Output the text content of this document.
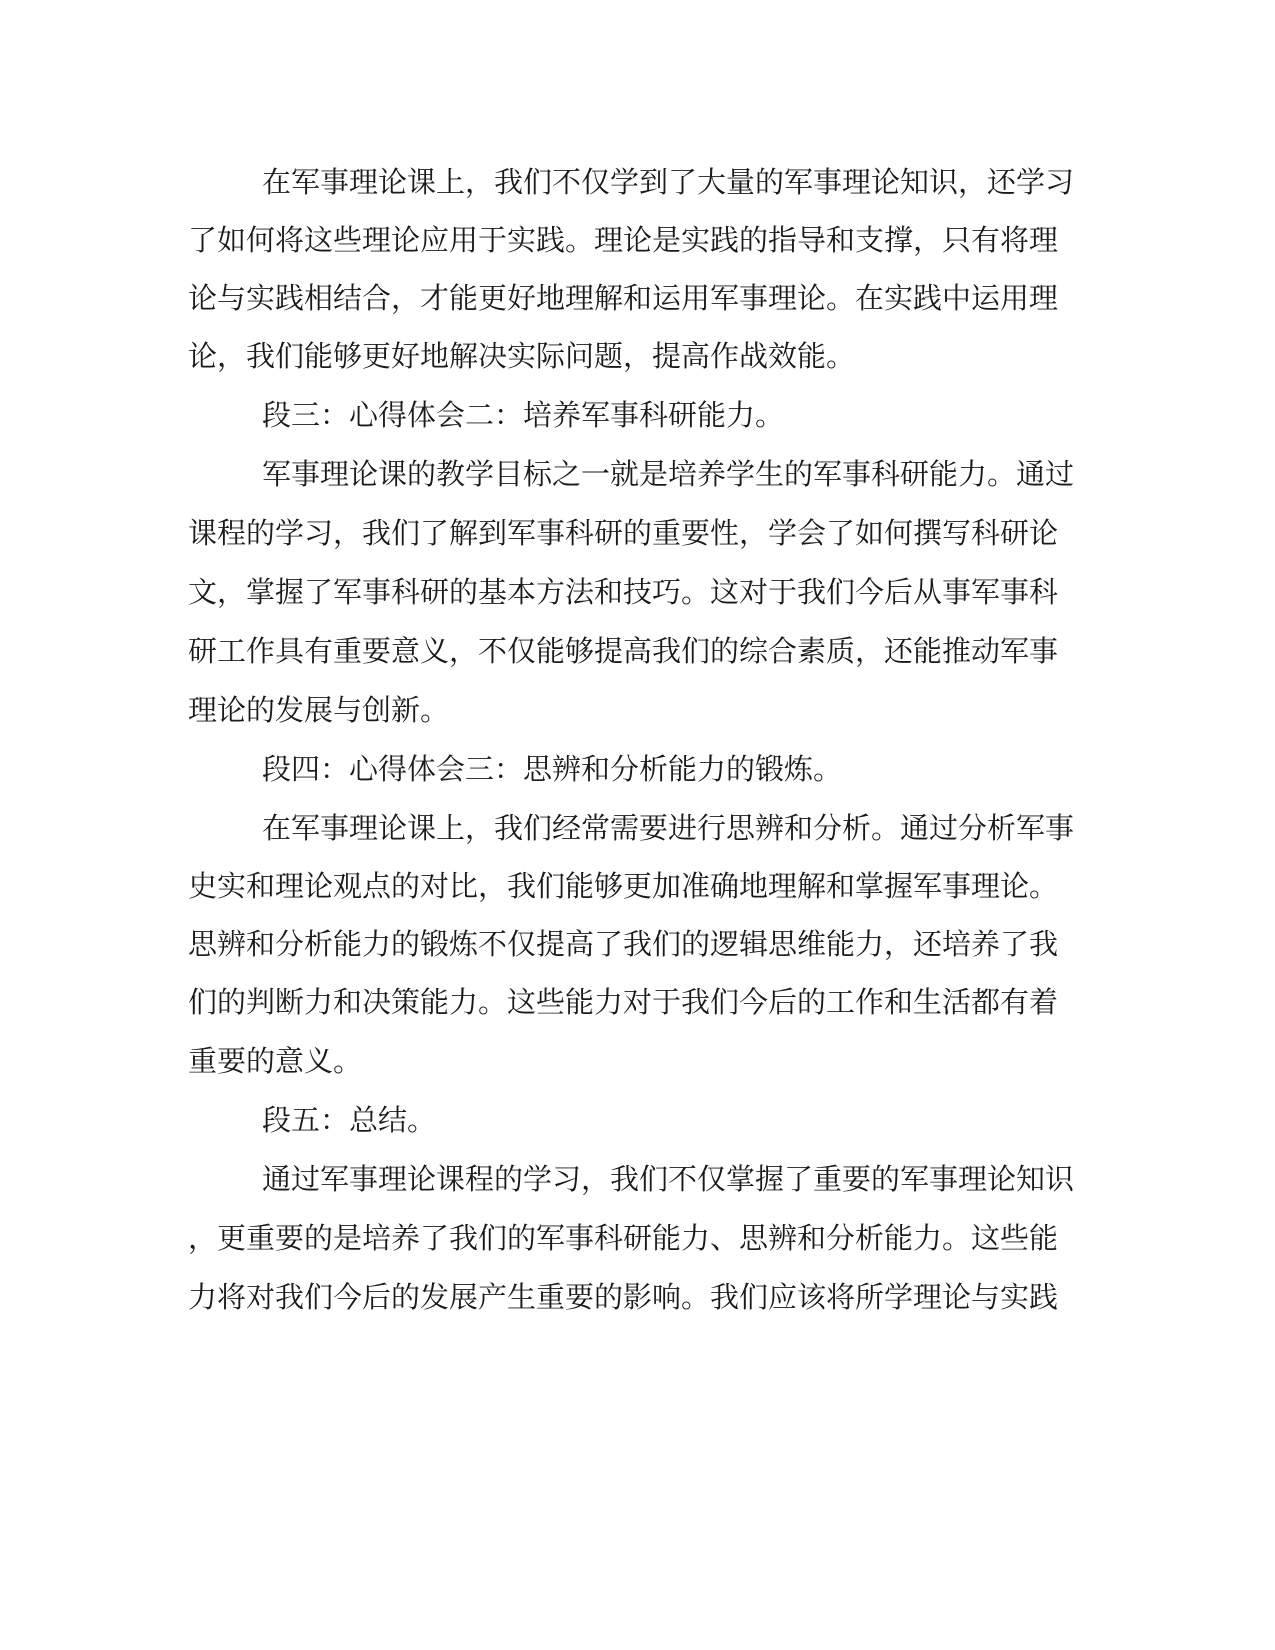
在军事理论课上，我们不仅学到了大量的军事理论知识，还学习
了如何将这些理论应用于实践。理论是实践的指导和支撑，只有将理
论与实践相结合，才能更好地理解和运用军事理论。在实践中运用理
论，我们能够更好地解决实际问题，提高作战效能。
段三：心得体会二：培养军事科研能力。
军事理论课的教学目标之一就是培养学生的军事科研能力。通过
课程的学习，我们了解到军事科研的重要性，学会了如何撰写科研论
文，掌握了军事科研的基本方法和技巧。这对于我们今后从事军事科
研工作具有重要意义，不仅能够提高我们的综合素质，还能推动军事
理论的发展与创新。
段四：心得体会三：思辨和分析能力的锻炼。
在军事理论课上，我们经常需要进行思辨和分析。通过分析军事
史实和理论观点的对比，我们能够更加准确地理解和掌握军事理论。
思辨和分析能力的锻炼不仅提高了我们的逻辑思维能力，还培养了我
们的判断力和决策能力。这些能力对于我们今后的工作和生活都有着
重要的意义。
段五：总结。
通过军事理论课程的学习，我们不仅掌握了重要的军事理论知识
，更重要的是培养了我们的军事科研能力、思辨和分析能力。这些能
力将对我们今后的发展产生重要的影响。我们应该将所学理论与实践
